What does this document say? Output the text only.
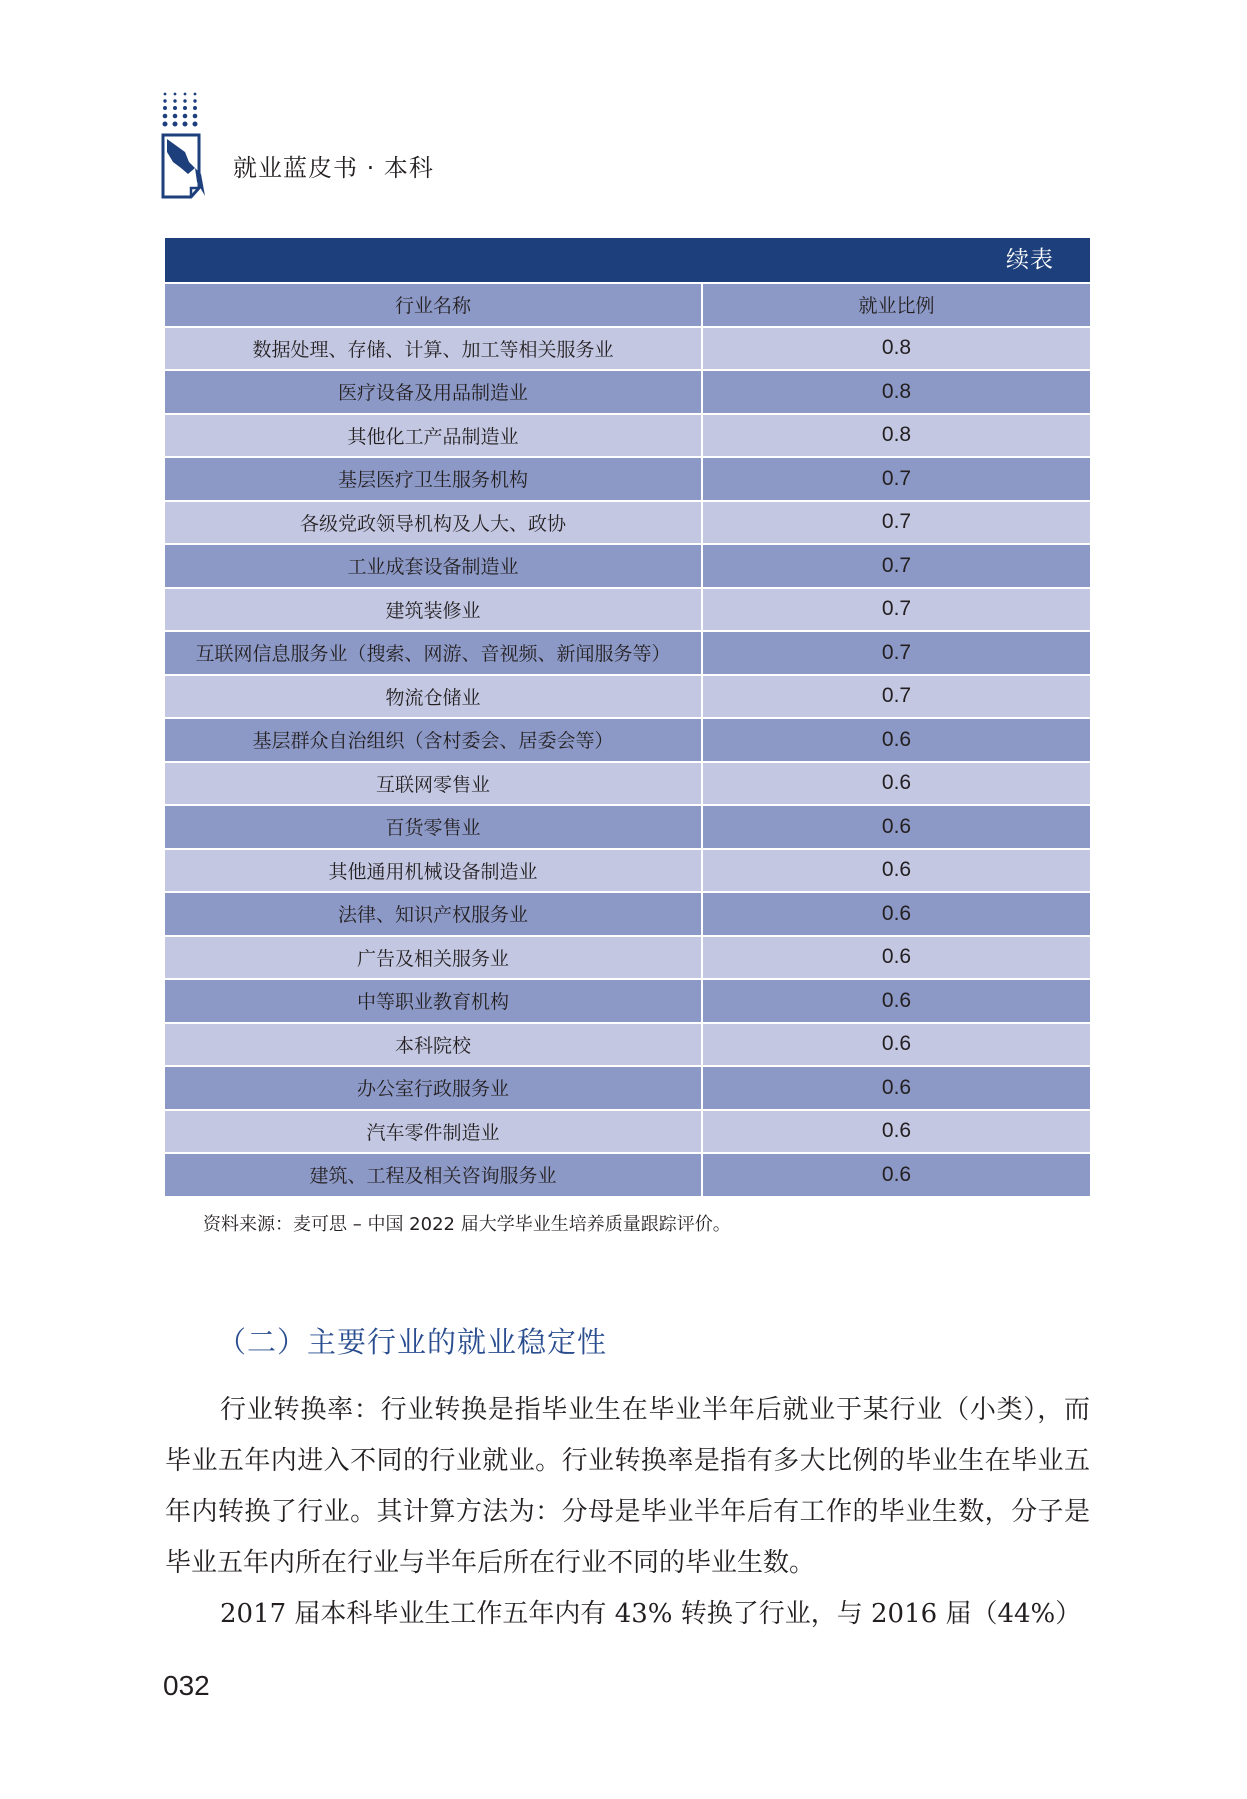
就业蓝皮书 · 本科
续表
行业名称	就业比例
数据处理、存储、计算、加工等相关服务业	0.8
医疗设备及用品制造业	0.8
其他化工产品制造业	0.8
基层医疗卫生服务机构	0.7
各级党政领导机构及人大、政协	0.7
工业成套设备制造业	0.7
建筑装修业	0.7
互联网信息服务业（搜索、网游、音视频、新闻服务等）	0.7
物流仓储业	0.7
基层群众自治组织（含村委会、居委会等）	0.6
互联网零售业	0.6
百货零售业	0.6
其他通用机械设备制造业	0.6
法律、知识产权服务业	0.6
广告及相关服务业	0.6
中等职业教育机构	0.6
本科院校	0.6
办公室行政服务业	0.6
汽车零件制造业	0.6
建筑、工程及相关咨询服务业	0.6
资料来源：麦可思 – 中国 2022 届大学毕业生培养质量跟踪评价。
（二）主要行业的就业稳定性

行业转换率：行业转换是指毕业生在毕业半年后就业于某行业（小类），而毕业五年内进入不同的行业就业。行业转换率是指有多大比例的毕业生在毕业五年内转换了行业。其计算方法为：分母是毕业半年后有工作的毕业生数，分子是毕业五年内所在行业与半年后所在行业不同的毕业生数。

2017 届本科毕业生工作五年内有 43% 转换了行业，与 2016 届（44%）

032
